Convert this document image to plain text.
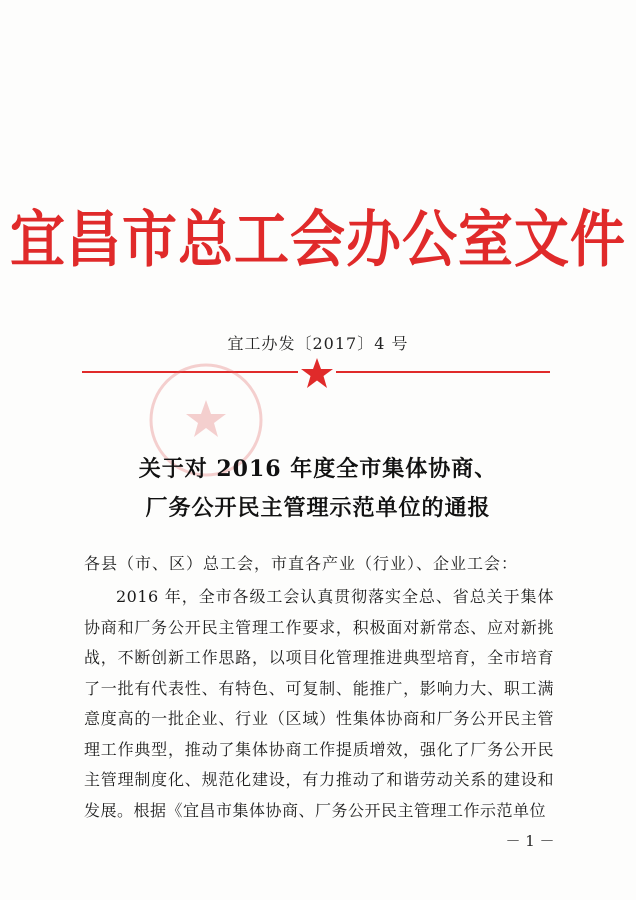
宜昌市总工会办公室文件
宜工办发〔2017〕4 号
关于对 2016 年度全市集体协商、
厂务公开民主管理示范单位的通报
各县（市、区）总工会，市直各产业（行业）、企业工会：

2016 年，全市各级工会认真贯彻落实全总、省总关于集体协商和厂务公开民主管理工作要求，积极面对新常态、应对新挑战，不断创新工作思路，以项目化管理推进典型培育，全市培育了一批有代表性、有特色、可复制、能推广，影响力大、职工满意度高的一批企业、行业（区域）性集体协商和厂务公开民主管理工作典型，推动了集体协商工作提质增效，强化了厂务公开民主管理制度化、规范化建设，有力推动了和谐劳动关系的建设和发展。根据《宜昌市集体协商、厂务公开民主管理工作示范单位

－ 1 －
